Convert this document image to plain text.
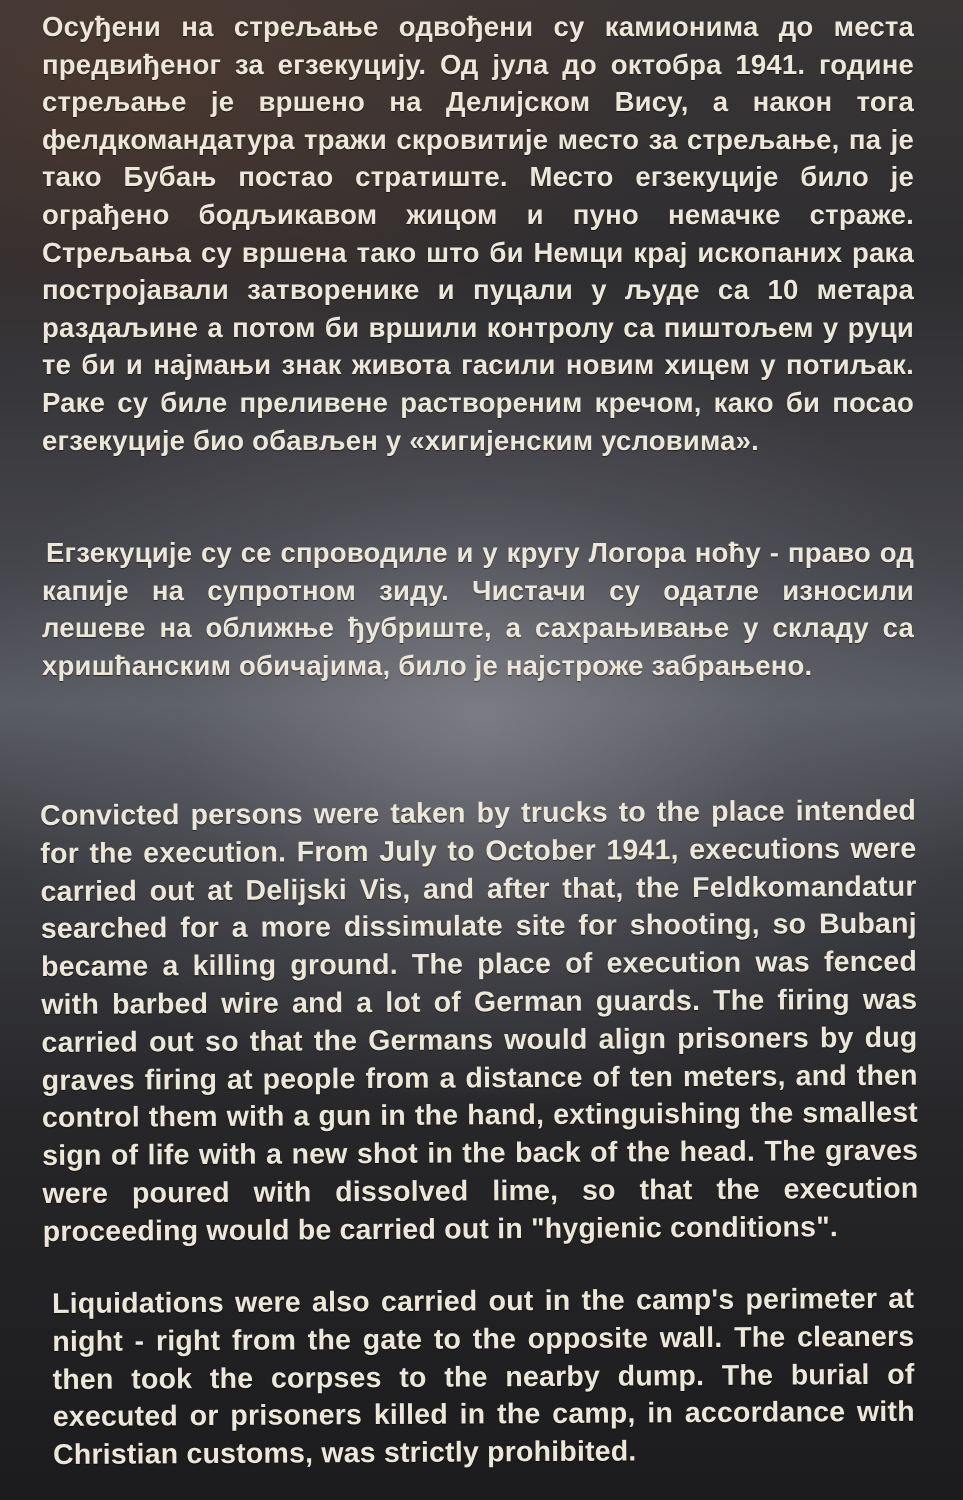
Осуђени на стрељање одвођени су камионима до места предвиђеног за егзекуцију. Од јула до октобра 1941. године стрељање је вршено на Делијском Вису, а након тога фелдкомандатура тражи скровитије место за стрељање, па је тако Бубањ постао стратиште. Место егзекуције било је ограђено бодљикавом жицом и пуно немачке страже. Стрељања су вршена тако што би Немци крај ископаних рака постројавали затворенике и пуцали у људе са 10 метара раздаљине а потом би вршили контролу са пиштољем у руци те би и најмањи знак живота гасили новим хицем у потиљак. Раке су биле преливене раствореним кречом, како би посао егзекуције био обављен у «хигијенским условима».

Егзекуције су се спроводиле и у кругу Логора ноћу - право од капије на супротном зиду. Чистачи су одатле износили лешеве на оближње ђубриште, а сахрањивање у складу са хришћанским обичајима, било је најстроже забрањено.

Convicted persons were taken by trucks to the place intended for the execution. From July to October 1941, executions were carried out at Delijski Vis, and after that, the Feldkomandatur searched for a more dissimulate site for shooting, so Bubanj became a killing ground. The place of execution was fenced with barbed wire and a lot of German guards. The firing was carried out so that the Germans would align prisoners by dug graves firing at people from a distance of ten meters, and then control them with a gun in the hand, extinguishing the smallest sign of life with a new shot in the back of the head. The graves were poured with dissolved lime, so that the execution proceeding would be carried out in "hygienic conditions".

Liquidations were also carried out in the camp's perimeter at night - right from the gate to the opposite wall. The cleaners then took the corpses to the nearby dump. The burial of executed or prisoners killed in the camp, in accordance with Christian customs, was strictly prohibited.
